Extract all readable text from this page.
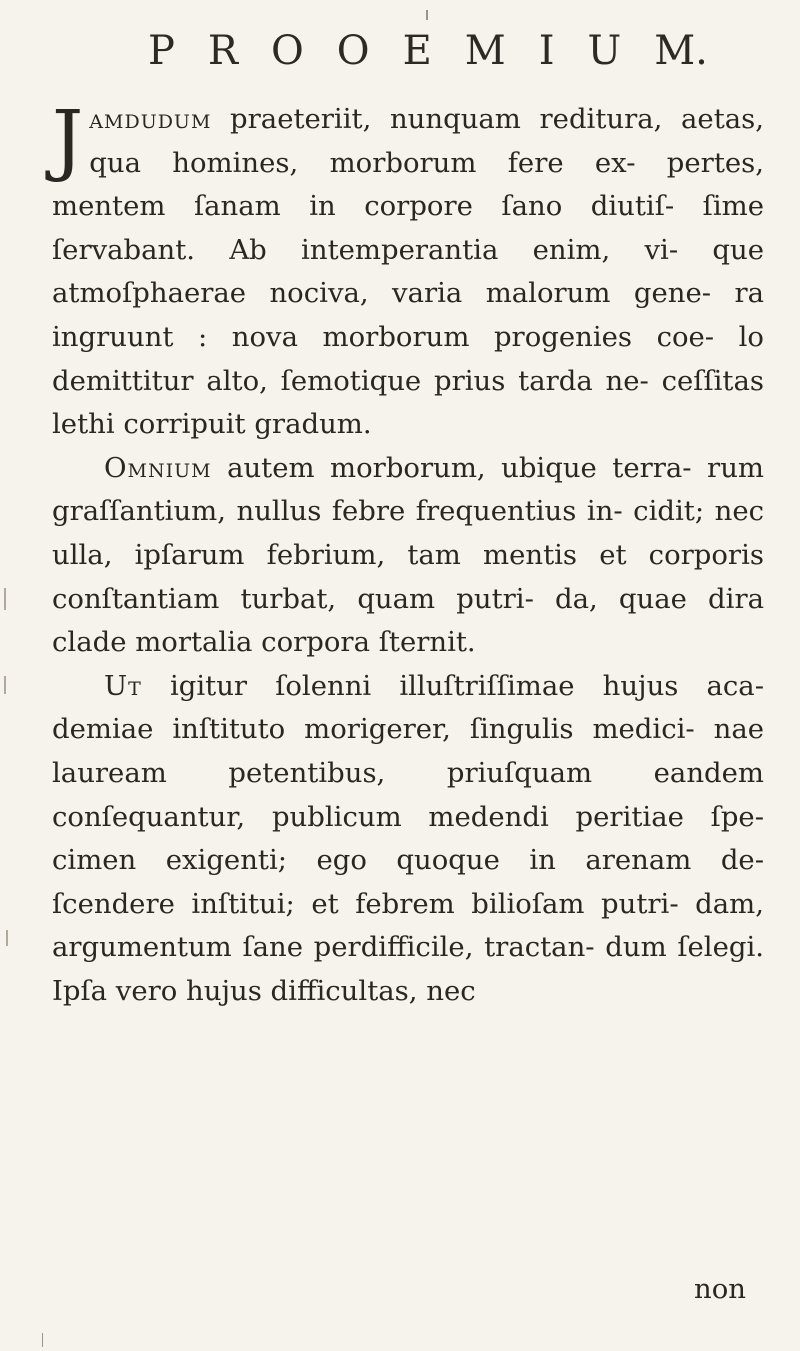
P R O O E M I U M.

Jamdudum praeteriit, nunquam reditura, aetas, qua homines, morborum fere ex- pertes, mentem ſanam in corpore ſano diutiſ- ſime ſervabant. Ab intemperantia enim, vi- que atmoſphaerae nociva, varia malorum gene- ra ingruunt : nova morborum progenies coe- lo demittitur alto, ſemotique prius tarda ne- ceſſitas lethi corripuit gradum.

Omnium autem morborum, ubique terra- rum graſſantium, nullus febre frequentius in- cidit; nec ulla, ipſarum febrium, tam mentis et corporis conſtantiam turbat, quam putri- da, quae dira clade mortalia corpora ſternit.

Ut igitur ſolenni illuſtriſſimae hujus aca- demiae inſtituto morigerer, ſingulis medici- nae lauream petentibus, priuſquam eandem conſequantur, publicum medendi peritiae ſpe- cimen exigenti; ego quoque in arenam de- ſcendere inſtitui; et febrem bilioſam putri- dam, argumentum ſane perdifficile, tractan- dum ſelegi. Ipſa vero hujus difficultas, nec

non
